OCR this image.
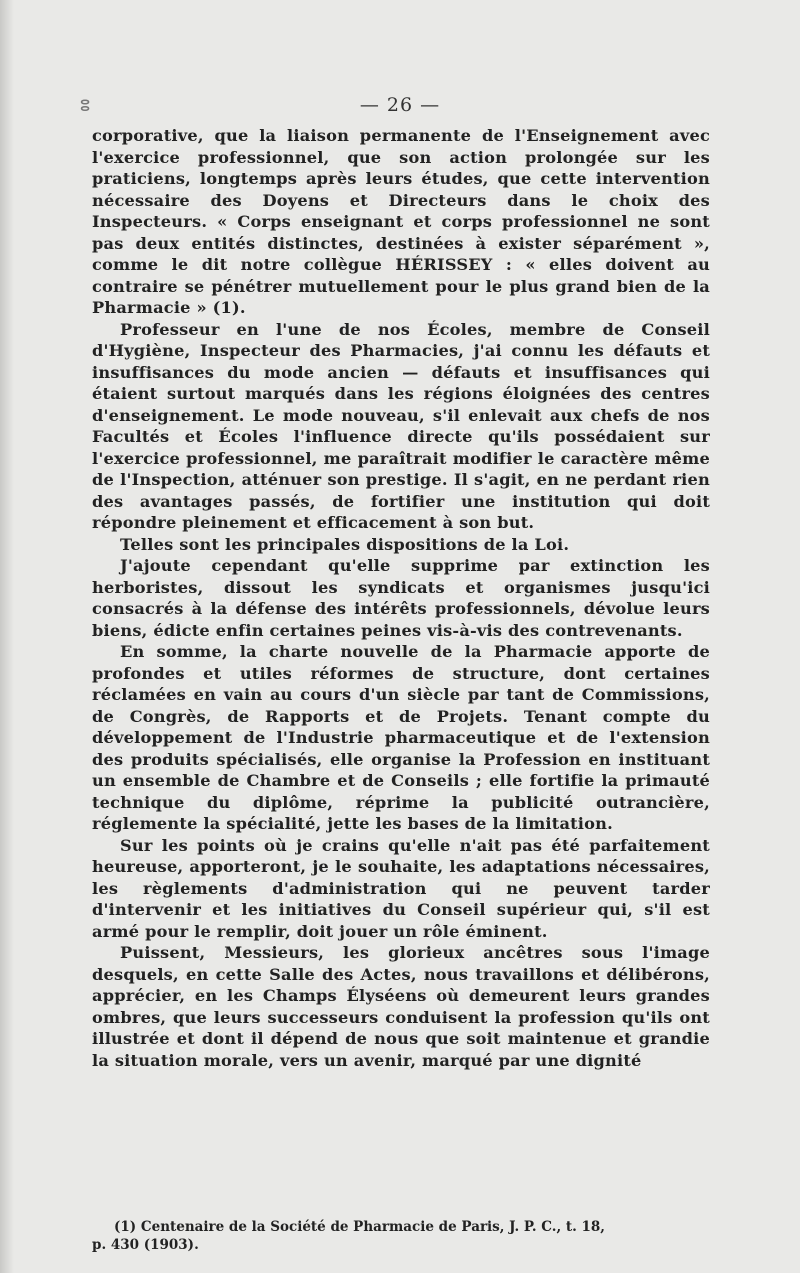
ⵓ	— 26 —

corporative, que la liaison permanente de l'Enseignement avec l'exercice professionnel, que son action prolongée sur les praticiens, longtemps après leurs études, que cette intervention nécessaire des Doyens et Directeurs dans le choix des Inspecteurs. « Corps enseignant et corps professionnel ne sont pas deux entités distinctes, destinées à exister séparément », comme le dit notre collègue HÉRISSEY : « elles doivent au contraire se pénétrer mutuellement pour le plus grand bien de la Pharmacie » (1).

Professeur en l'une de nos Écoles, membre de Conseil d'Hygiène, Inspecteur des Pharmacies, j'ai connu les défauts et insuffisances du mode ancien — défauts et insuffisances qui étaient surtout marqués dans les régions éloignées des centres d'enseignement. Le mode nouveau, s'il enlevait aux chefs de nos Facultés et Écoles l'influence directe qu'ils possédaient sur l'exercice professionnel, me paraîtrait modifier le caractère même de l'Inspection, atténuer son prestige. Il s'agit, en ne perdant rien des avantages passés, de fortifier une institution qui doit répondre pleinement et efficacement à son but.

Telles sont les principales dispositions de la Loi.

J'ajoute cependant qu'elle supprime par extinction les herboristes, dissout les syndicats et organismes jusqu'ici consacrés à la défense des intérêts professionnels, dévolue leurs biens, édicte enfin certaines peines vis-à-vis des contrevenants.

En somme, la charte nouvelle de la Pharmacie apporte de profondes et utiles réformes de structure, dont certaines réclamées en vain au cours d'un siècle par tant de Commissions, de Congrès, de Rapports et de Projets. Tenant compte du développement de l'Industrie pharmaceutique et de l'extension des produits spécialisés, elle organise la Profession en instituant un ensemble de Chambre et de Conseils ; elle fortifie la primauté technique du diplôme, réprime la publicité outrancière, réglemente la spécialité, jette les bases de la limitation.

Sur les points où je crains qu'elle n'ait pas été parfaitement heureuse, apporteront, je le souhaite, les adaptations nécessaires, les règlements d'administration qui ne peuvent tarder d'intervenir et les initiatives du Conseil supérieur qui, s'il est armé pour le remplir, doit jouer un rôle éminent.

Puissent, Messieurs, les glorieux ancêtres sous l'image desquels, en cette Salle des Actes, nous travaillons et délibérons, apprécier, en les Champs Élyséens où demeurent leurs grandes ombres, que leurs successeurs conduisent la profession qu'ils ont illustrée et dont il dépend de nous que soit maintenue et grandie la situation morale, vers un avenir, marqué par une dignité

(1) Centenaire de la Société de Pharmacie de Paris, J. P. C., t. 18,
p. 430 (1903).
